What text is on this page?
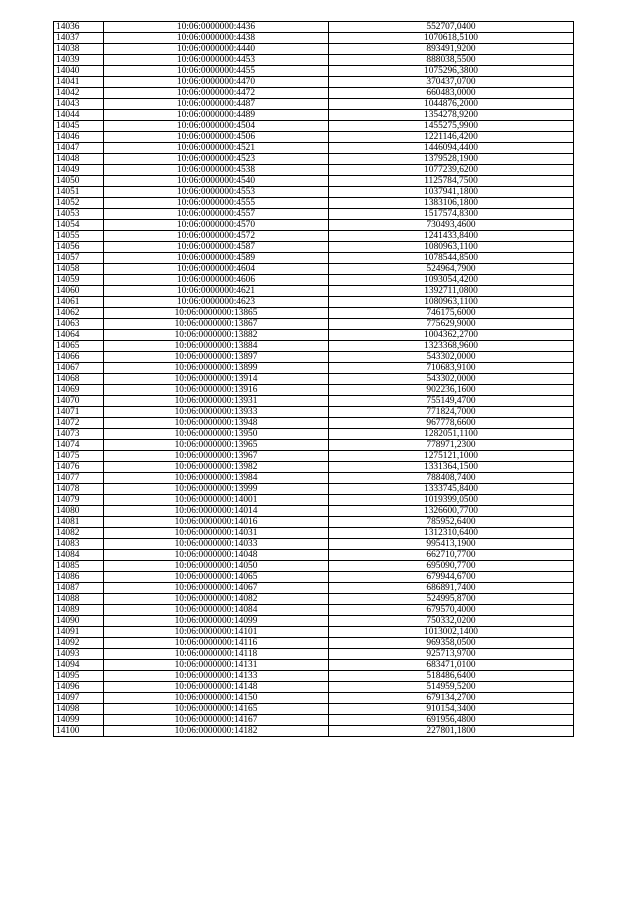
14036	10:06:0000000:4436	552707,0400
14037	10:06:0000000:4438	1070618,5100
14038	10:06:0000000:4440	893491,9200
14039	10:06:0000000:4453	888038,5500
14040	10:06:0000000:4455	1075296,3800
14041	10:06:0000000:4470	370437,0700
14042	10:06:0000000:4472	660483,0000
14043	10:06:0000000:4487	1044876,2000
14044	10:06:0000000:4489	1354278,9200
14045	10:06:0000000:4504	1455275,9900
14046	10:06:0000000:4506	1221146,4200
14047	10:06:0000000:4521	1446094,4400
14048	10:06:0000000:4523	1379528,1900
14049	10:06:0000000:4538	1077239,6200
14050	10:06:0000000:4540	1125784,7500
14051	10:06:0000000:4553	1037941,1800
14052	10:06:0000000:4555	1383106,1800
14053	10:06:0000000:4557	1517574,8300
14054	10:06:0000000:4570	730493,4600
14055	10:06:0000000:4572	1241433,8400
14056	10:06:0000000:4587	1080963,1100
14057	10:06:0000000:4589	1078544,8500
14058	10:06:0000000:4604	524964,7900
14059	10:06:0000000:4606	1093054,4200
14060	10:06:0000000:4621	1392711,0800
14061	10:06:0000000:4623	1080963,1100
14062	10:06:0000000:13865	746175,6000
14063	10:06:0000000:13867	775629,9000
14064	10:06:0000000:13882	1004362,2700
14065	10:06:0000000:13884	1323368,9600
14066	10:06:0000000:13897	543302,0000
14067	10:06:0000000:13899	710683,9100
14068	10:06:0000000:13914	543302,0000
14069	10:06:0000000:13916	902236,1600
14070	10:06:0000000:13931	755149,4700
14071	10:06:0000000:13933	771824,7000
14072	10:06:0000000:13948	967778,6600
14073	10:06:0000000:13950	1282051,1100
14074	10:06:0000000:13965	778971,2300
14075	10:06:0000000:13967	1275121,1000
14076	10:06:0000000:13982	1331364,1500
14077	10:06:0000000:13984	788408,7400
14078	10:06:0000000:13999	1333745,8400
14079	10:06:0000000:14001	1019399,0500
14080	10:06:0000000:14014	1326600,7700
14081	10:06:0000000:14016	785952,6400
14082	10:06:0000000:14031	1312310,6400
14083	10:06:0000000:14033	995413,1900
14084	10:06:0000000:14048	662710,7700
14085	10:06:0000000:14050	695090,7700
14086	10:06:0000000:14065	679944,6700
14087	10:06:0000000:14067	686891,7400
14088	10:06:0000000:14082	524995,8700
14089	10:06:0000000:14084	679570,4000
14090	10:06:0000000:14099	750332,0200
14091	10:06:0000000:14101	1013002,1400
14092	10:06:0000000:14116	969358,0500
14093	10:06:0000000:14118	925713,9700
14094	10:06:0000000:14131	683471,0100
14095	10:06:0000000:14133	518486,6400
14096	10:06:0000000:14148	514959,5200
14097	10:06:0000000:14150	679134,2700
14098	10:06:0000000:14165	910154,3400
14099	10:06:0000000:14167	691956,4800
14100	10:06:0000000:14182	227801,1800
